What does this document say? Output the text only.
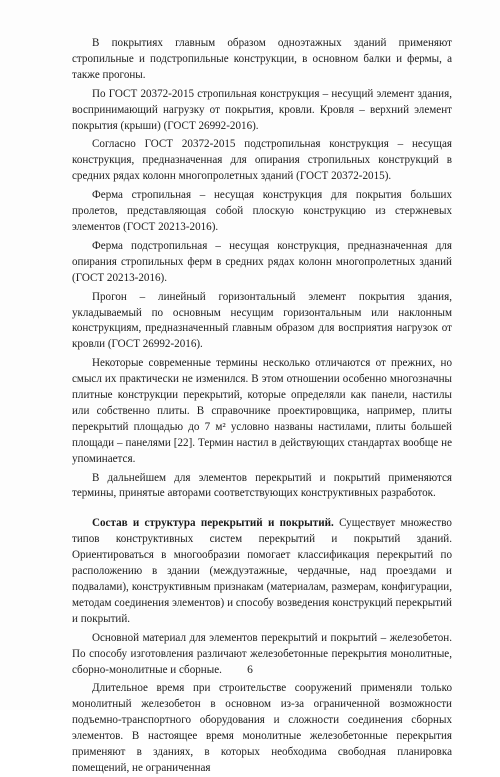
В покрытиях главным образом одноэтажных зданий применяют стропильные и подстропильные конструкции, в основном балки и фермы, а также прогоны.

По ГОСТ 20372-2015 стропильная конструкция – несущий элемент здания, воспринимающий нагрузку от покрытия, кровли. Кровля – верхний элемент покрытия (крыши) (ГОСТ 26992-2016).

Согласно ГОСТ 20372-2015 подстропильная конструкция – несущая конструкция, предназначенная для опирания стропильных конструкций в средних рядах колонн многопролетных зданий (ГОСТ 20372-2015).

Ферма стропильная – несущая конструкция для покрытия больших пролетов, представляющая собой плоскую конструкцию из стержневых элементов (ГОСТ 20213-2016).

Ферма подстропильная – несущая конструкция, предназначенная для опирания стропильных ферм в средних рядах колонн многопролетных зданий (ГОСТ 20213-2016).

Прогон – линейный горизонтальный элемент покрытия здания, укладываемый по основным несущим горизонтальным или наклонным конструкциям, предназначенный главным образом для восприятия нагрузок от кровли (ГОСТ 26992-2016).

Некоторые современные термины несколько отличаются от прежних, но смысл их практически не изменился. В этом отношении особенно многозначны плитные конструкции перекрытий, которые определяли как панели, настилы или собственно плиты. В справочнике проектировщика, например, плиты перекрытий площадью до 7 м² условно названы настилами, плиты большей площади – панелями [22]. Термин настил в действующих стандартах вообще не упоминается.

В дальнейшем для элементов перекрытий и покрытий применяются термины, принятые авторами соответствующих конструктивных разработок.

Состав и структура перекрытий и покрытий. Существует множество типов конструктивных систем перекрытий и покрытий зданий. Ориентироваться в многообразии помогает классификация перекрытий по расположению в здании (междуэтажные, чердачные, над проездами и подвалами), конструктивным признакам (материалам, размерам, конфигурации, методам соединения элементов) и способу возведения конструкций перекрытий и покрытий.

Основной материал для элементов перекрытий и покрытий – железобетон. По способу изготовления различают железобетонные перекрытия монолитные, сборно-монолитные и сборные.

Длительное время при строительстве сооружений применяли только монолитный железобетон в основном из-за ограниченной возможности подъемно-транспортного оборудования и сложности соединения сборных элементов. В настоящее время монолитные железобетонные перекрытия применяют в зданиях, в которых необходима свободная планировка помещений, не ограниченная

6
